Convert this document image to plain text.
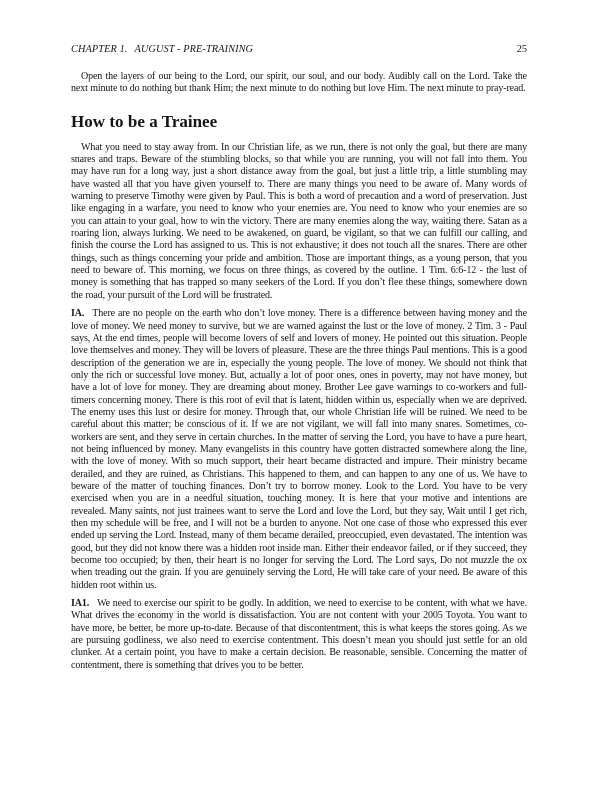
CHAPTER 1. AUGUST - PRE-TRAINING	25

Open the layers of our being to the Lord, our spirit, our soul, and our body. Audibly call on the Lord. Take the next minute to do nothing but thank Him; the next minute to do nothing but love Him. The next minute to pray-read.

How to be a Trainee

What you need to stay away from. In our Christian life, as we run, there is not only the goal, but there are many snares and traps. Beware of the stumbling blocks, so that while you are running, you will not fall into them. You may have run for a long way, just a short distance away from the goal, but just a little trip, a little stumbling may have wasted all that you have given yourself to. There are many things you need to be aware of. Many words of warning to preserve Timothy were given by Paul. This is both a word of precaution and a word of preservation. Just like engaging in a warfare, you need to know who your enemies are. You need to know who your enemies are so you can attain to your goal, how to win the victory. There are many enemies along the way, waiting there. Satan as a roaring lion, always lurking. We need to be awakened, on guard, be vigilant, so that we can fulfill our calling, and finish the course the Lord has assigned to us. This is not exhaustive; it does not touch all the snares. There are other things, such as things concerning your pride and ambition. Those are important things, as a young person, that you need to beware of. This morning, we focus on three things, as covered by the outline. 1 Tim. 6:6-12 - the lust of money is something that has trapped so many seekers of the Lord. If you don’t flee these things, somewhere down the road, your pursuit of the Lord will be frustrated.

IA. There are no people on the earth who don’t love money. There is a difference between having money and the love of money. We need money to survive, but we are warned against the lust or the love of money. 2 Tim. 3 - Paul says, At the end times, people will become lovers of self and lovers of money. He pointed out this situation. People love themselves and money. They will be lovers of pleasure. These are the three things Paul mentions. This is a good description of the generation we are in, especially the young people. The love of money. We should not think that only the rich or successful love money. But, actually a lot of poor ones, ones in poverty, may not have money, but have a lot of love for money. They are dreaming about money. Brother Lee gave warnings to co-workers and full-timers concerning money. There is this root of evil that is latent, hidden within us, especially when we are deprived. The enemy uses this lust or desire for money. Through that, our whole Christian life will be ruined. We need to be careful about this matter; be conscious of it. If we are not vigilant, we will fall into many snares. Sometimes, co-workers are sent, and they serve in certain churches. In the matter of serving the Lord, you have to have a pure heart, not being influenced by money. Many evangelists in this country have gotten distracted somewhere along the line, with the love of money. With so much support, their heart became distracted and impure. Their ministry became derailed, and they are ruined, as Christians. This happened to them, and can happen to any one of us. We have to beware of the matter of touching finances. Don’t try to borrow money. Look to the Lord. You have to be very exercised when you are in a needful situation, touching money. It is here that your motive and intentions are revealed. Many saints, not just trainees want to serve the Lord and love the Lord, but they say, Wait until I get rich, then my schedule will be free, and I will not be a burden to anyone. Not one case of those who expressed this ever ended up serving the Lord. Instead, many of them became derailed, preoccupied, even devastated. The intention was good, but they did not know there was a hidden root inside man. Either their endeavor failed, or if they succeed, they become too occupied; by then, their heart is no longer for serving the Lord. The Lord says, Do not muzzle the ox when treading out the grain. If you are genuinely serving the Lord, He will take care of your need. Be aware of this hidden root within us.

IA1. We need to exercise our spirit to be godly. In addition, we need to exercise to be content, with what we have. What drives the economy in the world is dissatisfaction. You are not content with your 2005 Toyota. You want to have more, be better, be more up-to-date. Because of that discontentment, this is what keeps the stores going. As we are pursuing godliness, we also need to exercise contentment. This doesn’t mean you should just settle for an old clunker. At a certain point, you have to make a certain decision. Be reasonable, sensible. Concerning the matter of contentment, there is something that drives you to be better.
